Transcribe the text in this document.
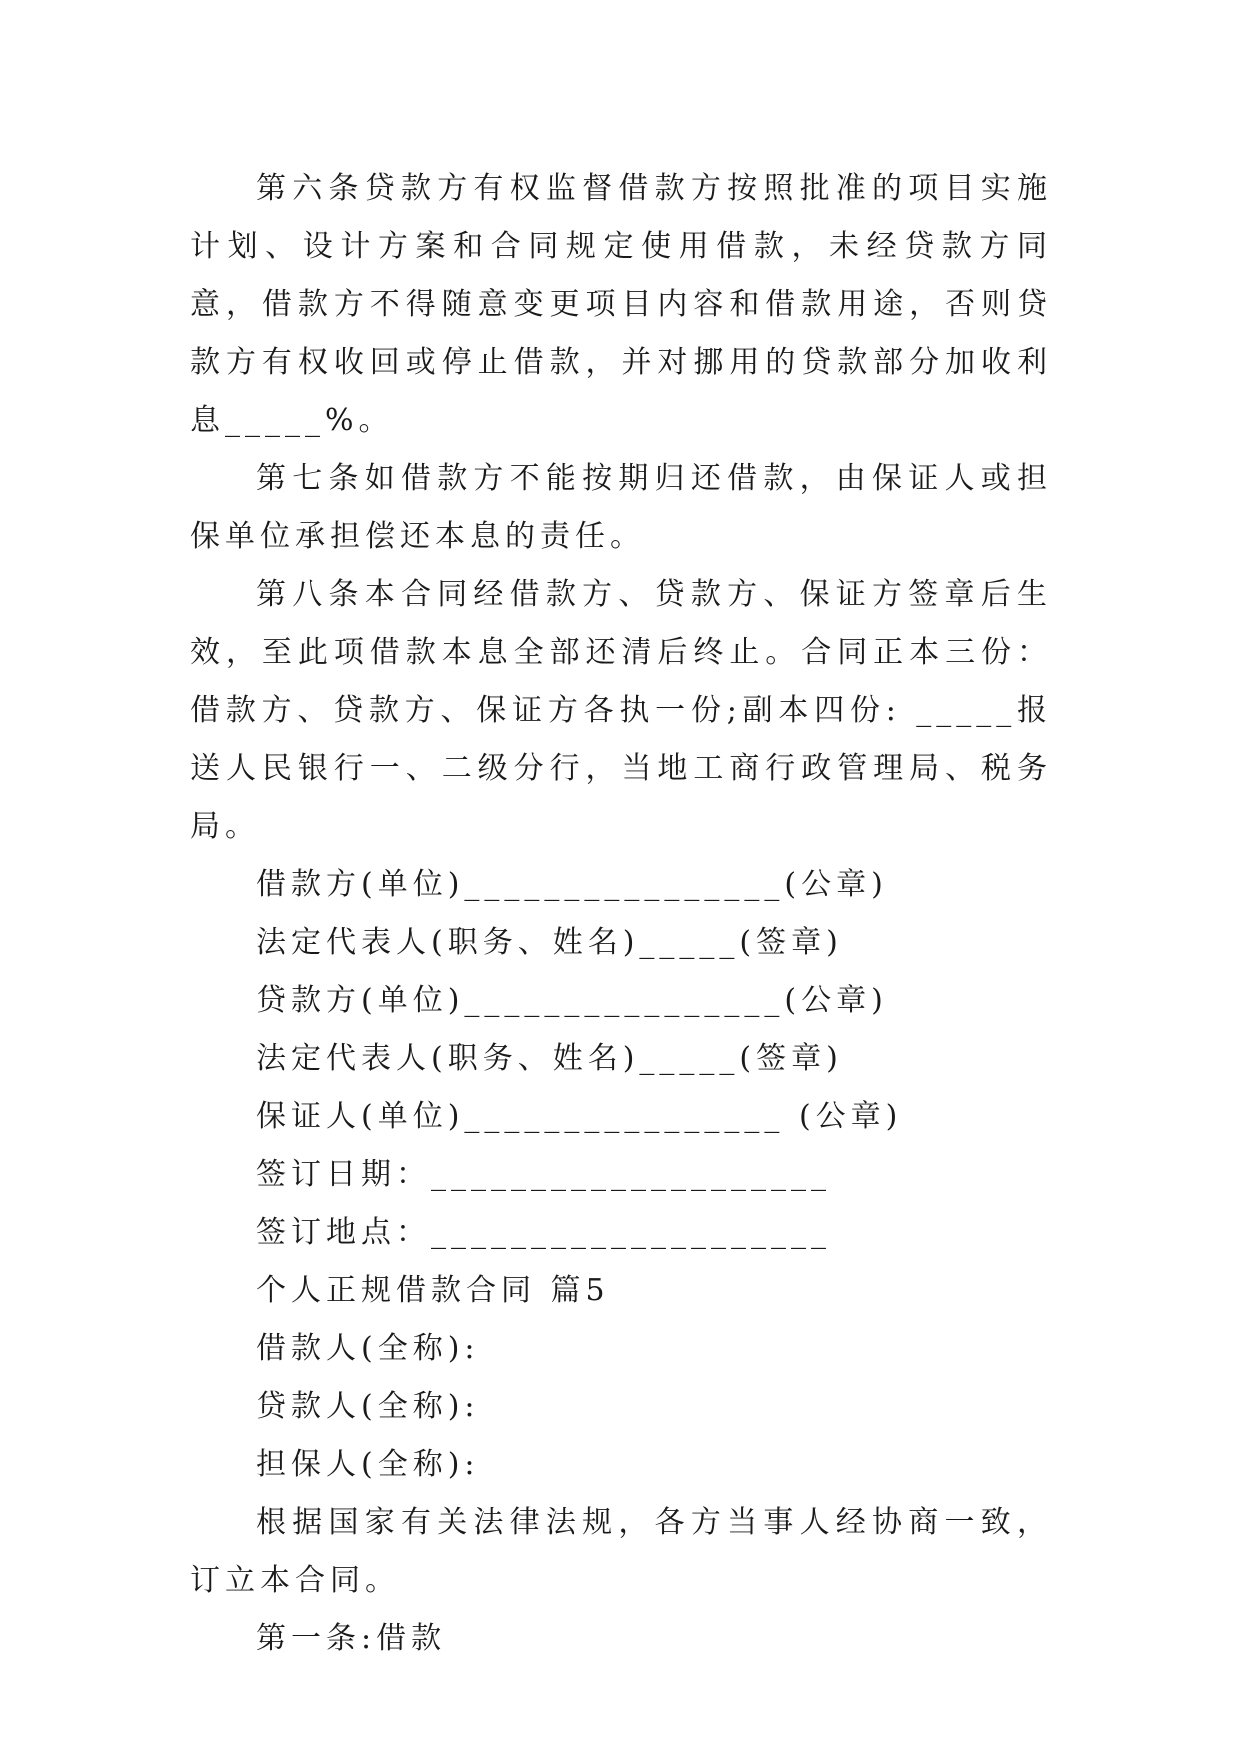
第六条贷款方有权监督借款方按照批准的项目实施计划、设计方案和合同规定使用借款，未经贷款方同意，借款方不得随意变更项目内容和借款用途，否则贷款方有权收回或停止借款，并对挪用的贷款部分加收利息_____%。

第七条如借款方不能按期归还借款，由保证人或担保单位承担偿还本息的责任。

第八条本合同经借款方、贷款方、保证方签章后生效，至此项借款本息全部还清后终止。合同正本三份：借款方、贷款方、保证方各执一份;副本四份: _____报送人民银行一、二级分行，当地工商行政管理局、税务局。

借款方(单位)________________(公章)

法定代表人(职务、姓名)_____(签章)

贷款方(单位)________________(公章)

法定代表人(职务、姓名)_____(签章)

保证人(单位)________________ (公章)

签订日期：____________________

签订地点：____________________

个人正规借款合同 篇5

借款人(全称):

贷款人(全称):

担保人(全称):

根据国家有关法律法规，各方当事人经协商一致，订立本合同。

第一条:借款
